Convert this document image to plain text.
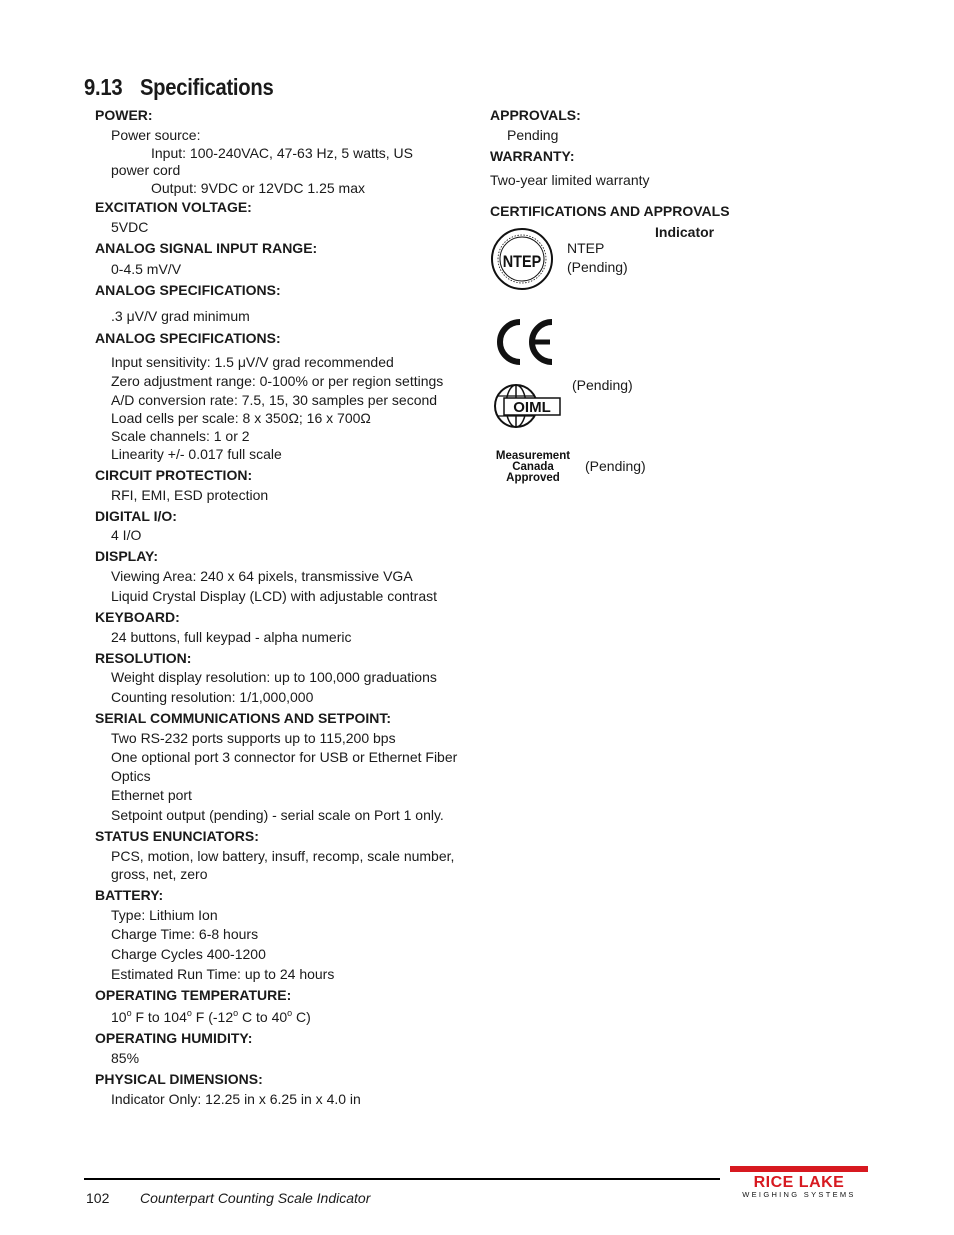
9.13 Specifications
POWER:
Power source:
Input: 100-240VAC, 47-63 Hz, 5 watts, US
power cord
Output: 9VDC or 12VDC 1.25 max
EXCITATION VOLTAGE:
5VDC
ANALOG SIGNAL INPUT RANGE:
0-4.5 mV/V
ANALOG SPECIFICATIONS:
.3 μV/V grad minimum
ANALOG SPECIFICATIONS:
Input sensitivity: 1.5 μV/V grad recommended
Zero adjustment range: 0-100% or per region settings
A/D conversion rate: 7.5, 15, 30 samples per second
Load cells per scale: 8 x 350Ω; 16 x 700Ω
Scale channels: 1 or 2
Linearity +/- 0.017 full scale
CIRCUIT PROTECTION:
RFI, EMI, ESD protection
DIGITAL I/O:
4 I/O
DISPLAY:
Viewing Area: 240 x 64 pixels, transmissive VGA
Liquid Crystal Display (LCD) with adjustable contrast
KEYBOARD:
24 buttons, full keypad - alpha numeric
RESOLUTION:
Weight display resolution: up to 100,000 graduations
Counting resolution: 1/1,000,000
SERIAL COMMUNICATIONS AND SETPOINT:
Two RS-232 ports supports up to 115,200 bps
One optional port 3 connector for USB or Ethernet Fiber
Optics
Ethernet port
Setpoint output (pending) - serial scale on Port 1 only.
STATUS ENUNCIATORS:
PCS, motion, low battery, insuff, recomp, scale number,
gross, net, zero
BATTERY:
Type: Lithium Ion
Charge Time: 6-8 hours
Charge Cycles 400-1200
Estimated Run Time: up to 24 hours
OPERATING TEMPERATURE:
10$^o$ F to 104$^o$ F (-12$^o$ C to 40$^o$ C)
OPERATING HUMIDITY:
85%
PHYSICAL DIMENSIONS:
Indicator Only: 12.25 in x 6.25 in x 4.0 in
APPROVALS:
Pending
WARRANTY:
Two-year limited warranty
CERTIFICATIONS AND APPROVALS
Indicator
NTEP
NTEP
(Pending)
OIML
(Pending)
Measurement
Canada
Approved
(Pending)
102 Counterpart Counting Scale Indicator
RICE LAKE
WEIGHING SYSTEMS
